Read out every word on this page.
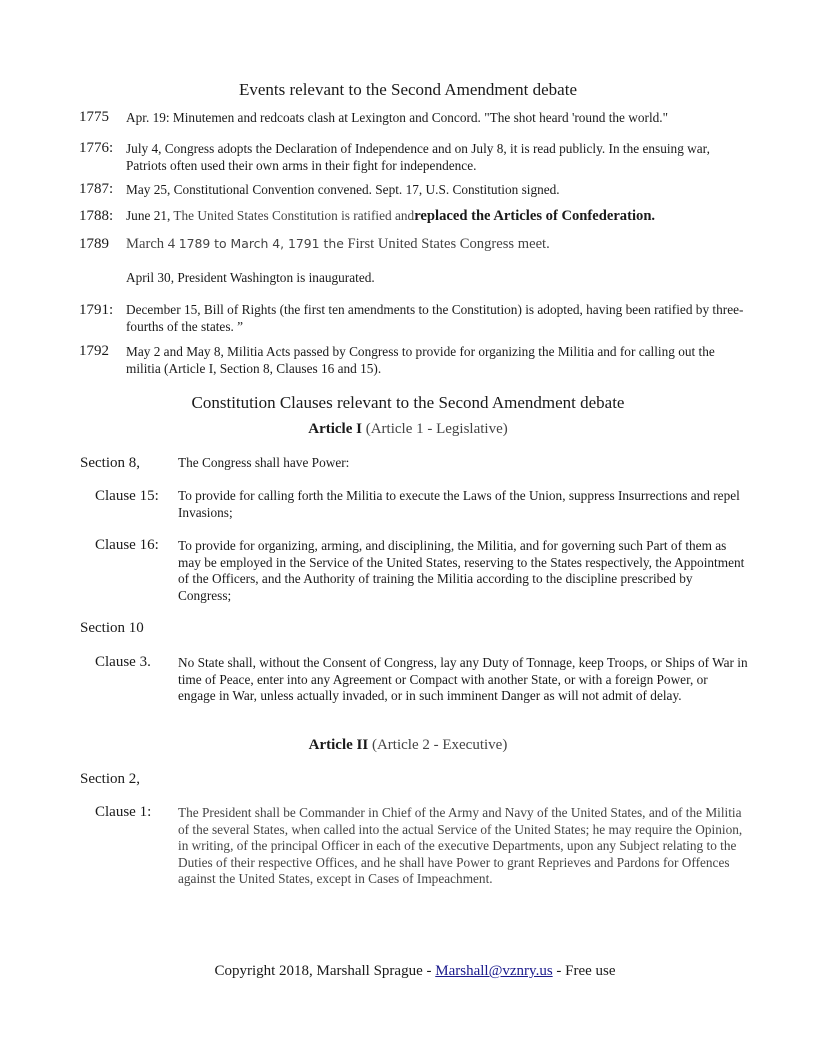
Events relevant to the Second Amendment debate
1775 Apr. 19: Minutemen and redcoats clash at Lexington and Concord. "The shot heard 'round the world."
1776: July 4, Congress adopts the Declaration of Independence and on July 8, it is read publicly. In the ensuing war, Patriots often used their own arms in their fight for independence.
1787: May 25, Constitutional Convention convened. Sept. 17, U.S. Constitution signed.
1788: June 21, The United States Constitution is ratified andreplaced the Articles of Confederation.
1789 March 4 1789 to March 4, 1791 the First United States Congress meet.
April 30, President Washington is inaugurated.
1791: December 15, Bill of Rights (the first ten amendments to the Constitution) is adopted, having been ratified by three-fourths of the states. ”
1792 May 2 and May 8, Militia Acts passed by Congress to provide for organizing the Militia and for calling out the militia (Article I, Section 8, Clauses 16 and 15).
Constitution Clauses relevant to the Second Amendment debate
Article I (Article 1 - Legislative)
Section 8,	The Congress shall have Power:
Clause 15: To provide for calling forth the Militia to execute the Laws of the Union, suppress Insurrections and repel Invasions;
Clause 16: To provide for organizing, arming, and disciplining, the Militia, and for governing such Part of them as may be employed in the Service of the United States, reserving to the States respectively, the Appointment of the Officers, and the Authority of training the Militia according to the discipline prescribed by Congress;
Section 10
Clause 3. No State shall, without the Consent of Congress, lay any Duty of Tonnage, keep Troops, or Ships of War in time of Peace, enter into any Agreement or Compact with another State, or with a foreign Power, or engage in War, unless actually invaded, or in such imminent Danger as will not admit of delay.
Article II (Article 2 - Executive)
Section 2,
Clause 1: The President shall be Commander in Chief of the Army and Navy of the United States, and of the Militia of the several States, when called into the actual Service of the United States; he may require the Opinion, in writing, of the principal Officer in each of the executive Departments, upon any Subject relating to the Duties of their respective Offices, and he shall have Power to grant Reprieves and Pardons for Offences against the United States, except in Cases of Impeachment.
Copyright 2018, Marshall Sprague - Marshall@vznry.us - Free use
